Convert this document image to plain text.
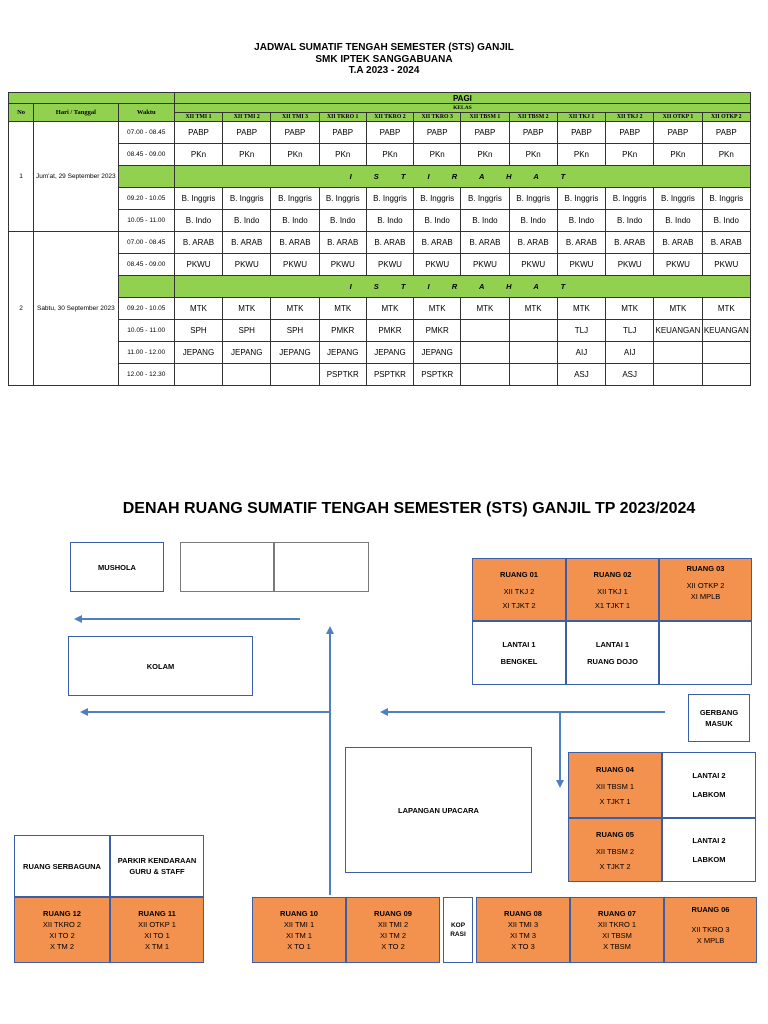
JADWAL SUMATIF TENGAH SEMESTER (STS) GANJIL
SMK IPTEK SANGGABUANA
T.A 2023 - 2024
			PAGI											
No	Hari / Tanggal	Waktu	KELAS											
			XII TMI 1	XII TMI 2	XII TMI 3	XII TKRO 1	XII TKRO 2	XII TKRO 3	XII TBSM 1	XII TBSM 2	XII TKJ 1	XII TKJ 2	XII OTKP 1	XII OTKP 2
1	Jum'at, 29 September 2023	07.00 - 08.45	PABP	PABP	PABP	PABP	PABP	PABP	PABP	PABP	PABP	PABP	PABP	PABP
		08.45 - 09.00	PKn	PKn	PKn	PKn	PKn	PKn	PKn	PKn	PKn	PKn	PKn	PKn
			I S T I R A H A T											
		09.20 - 10.05	B. Inggris	B. Inggris	B. Inggris	B. Inggris	B. Inggris	B. Inggris	B. Inggris	B. Inggris	B. Inggris	B. Inggris	B. Inggris	B. Inggris
		10.05 - 11.00	B. Indo	B. Indo	B. Indo	B. Indo	B. Indo	B. Indo	B. Indo	B. Indo	B. Indo	B. Indo	B. Indo	B. Indo
2	Sabtu, 30 September 2023	07.00 - 08.45	B. ARAB	B. ARAB	B. ARAB	B. ARAB	B. ARAB	B. ARAB	B. ARAB	B. ARAB	B. ARAB	B. ARAB	B. ARAB	B. ARAB
		08.45 - 09.00	PKWU	PKWU	PKWU	PKWU	PKWU	PKWU	PKWU	PKWU	PKWU	PKWU	PKWU	PKWU
			I S T I R A H A T											
		09.20 - 10.05	MTK	MTK	MTK	MTK	MTK	MTK	MTK	MTK	MTK	MTK	MTK	MTK
		10.05 - 11.00	SPH	SPH	SPH	PMKR	PMKR	PMKR			TLJ	TLJ	KEUANGAN	KEUANGAN
		11.00 - 12.00	JEPANG	JEPANG	JEPANG	JEPANG	JEPANG	JEPANG			AIJ	AIJ		
		12.00 - 12.30				PSPTKR	PSPTKR	PSPTKR			ASJ	ASJ		
DENAH RUANG SUMATIF TENGAH SEMESTER (STS) GANJIL TP 2023/2024
MUSHOLA
KOLAM
LAPANGAN UPACARA
GERBANG
MASUK
RUANG 01
XII TKJ 2
XI TJKT 2
RUANG 02
XII TKJ 1
X1 TJKT 1
RUANG 03
XII OTKP 2
XI MPLB
LANTAI 1
BENGKEL
LANTAI 1
RUANG DOJO
RUANG 04
XII TBSM 1
X TJKT 1
RUANG 05
XII TBSM 2
X TJKT 2
LANTAI 2
LABKOM
LANTAI 2
LABKOM
RUANG SERBAGUNA
PARKIR KENDARAAN
GURU & STAFF
RUANG 12
XII TKRO 2
XI TO 2
X TM 2
RUANG 11
XII OTKP 1
XI TO 1
X TM 1
RUANG 10
XII TMI 1
XI TM 1
X TO 1
RUANG 09
XII TMI 2
XI TM 2
X TO 2
KOP
RASI
RUANG 08
XII TMI 3
XI TM 3
X TO 3
RUANG 07
XII TKRO 1
XI TBSM
X TBSM
RUANG 06
XII TKRO 3
X MPLB
